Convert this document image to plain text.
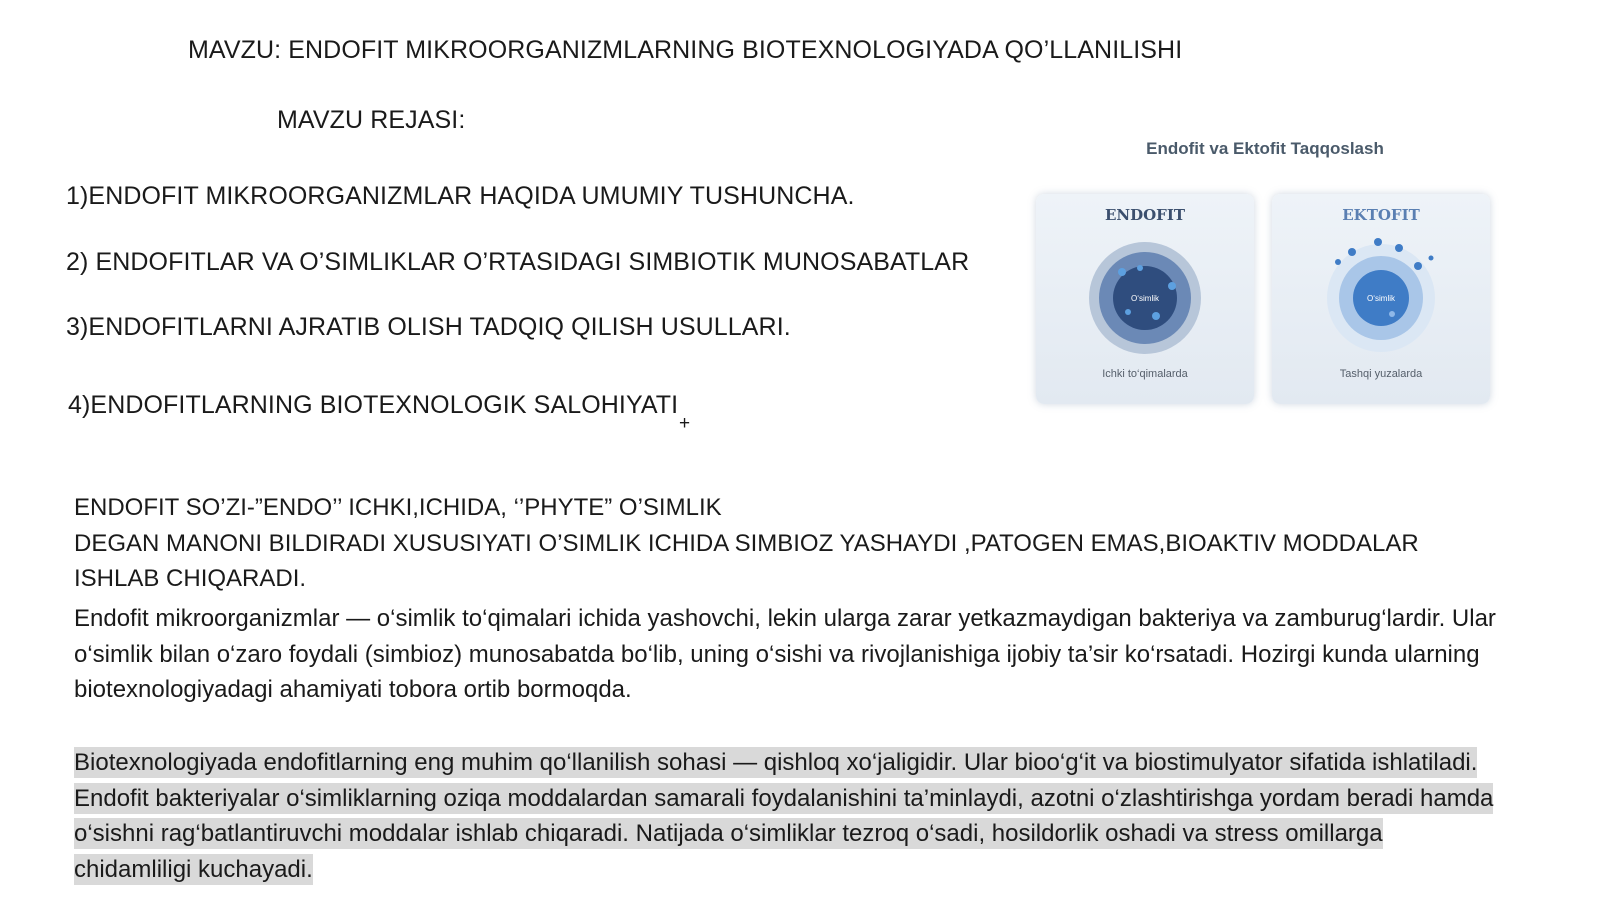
MAVZU: ENDOFIT MIKROORGANIZMLARNING BIOTEXNOLOGIYADA QO’LLANILISHI
MAVZU REJASI:
1)ENDOFIT MIKROORGANIZMLAR HAQIDA UMUMIY TUSHUNCHA.
2) ENDOFITLAR VA O’SIMLIKLAR O’RTASIDAGI SIMBIOTIK MUNOSABATLAR
3)ENDOFITLARNI AJRATIB OLISH TADQIQ QILISH USULLARI.
4)ENDOFITLARNING BIOTEXNOLOGIK SALOHIYATI
+
ENDOFIT SO’ZI-”ENDO’’ ICHKI,ICHIDA, ‘’PHYTE” O’SIMLIK
DEGAN MANONI BILDIRADI XUSUSIYATI O’SIMLIK ICHIDA SIMBIOZ YASHAYDI ,PATOGEN EMAS,BIOAKTIV MODDALAR ISHLAB CHIQARADI.
Endofit mikroorganizmlar — o‘simlik to‘qimalari ichida yashovchi, lekin ularga zarar yetkazmaydigan bakteriya va zamburug‘lardir. Ular o‘simlik bilan o‘zaro foydali (simbioz) munosabatda bo‘lib, uning o‘sishi va rivojlanishiga ijobiy ta’sir ko‘rsatadi. Hozirgi kunda ularning biotexnologiyadagi ahamiyati tobora ortib bormoqda.
Biotexnologiyada endofitlarning eng muhim qo‘llanilish sohasi — qishloq xo‘jaligidir. Ular bioo‘g‘it va biostimulyator sifatida ishlatiladi. Endofit bakteriyalar o‘simliklarning oziqa moddalardan samarali foydalanishini ta’minlaydi, azotni o‘zlashtirishga yordam beradi hamda o‘sishni rag‘batlantiruvchi moddalar ishlab chiqaradi. Natijada o‘simliklar tezroq o‘sadi, hosildorlik oshadi va stress omillarga chidamliligi kuchayadi.
Endofit va Ektofit Taqqoslash
ENDOFIT
O‘simlik
Ichki to‘qimalarda
EKTOFIT
O‘simlik
Tashqi yuzalarda
